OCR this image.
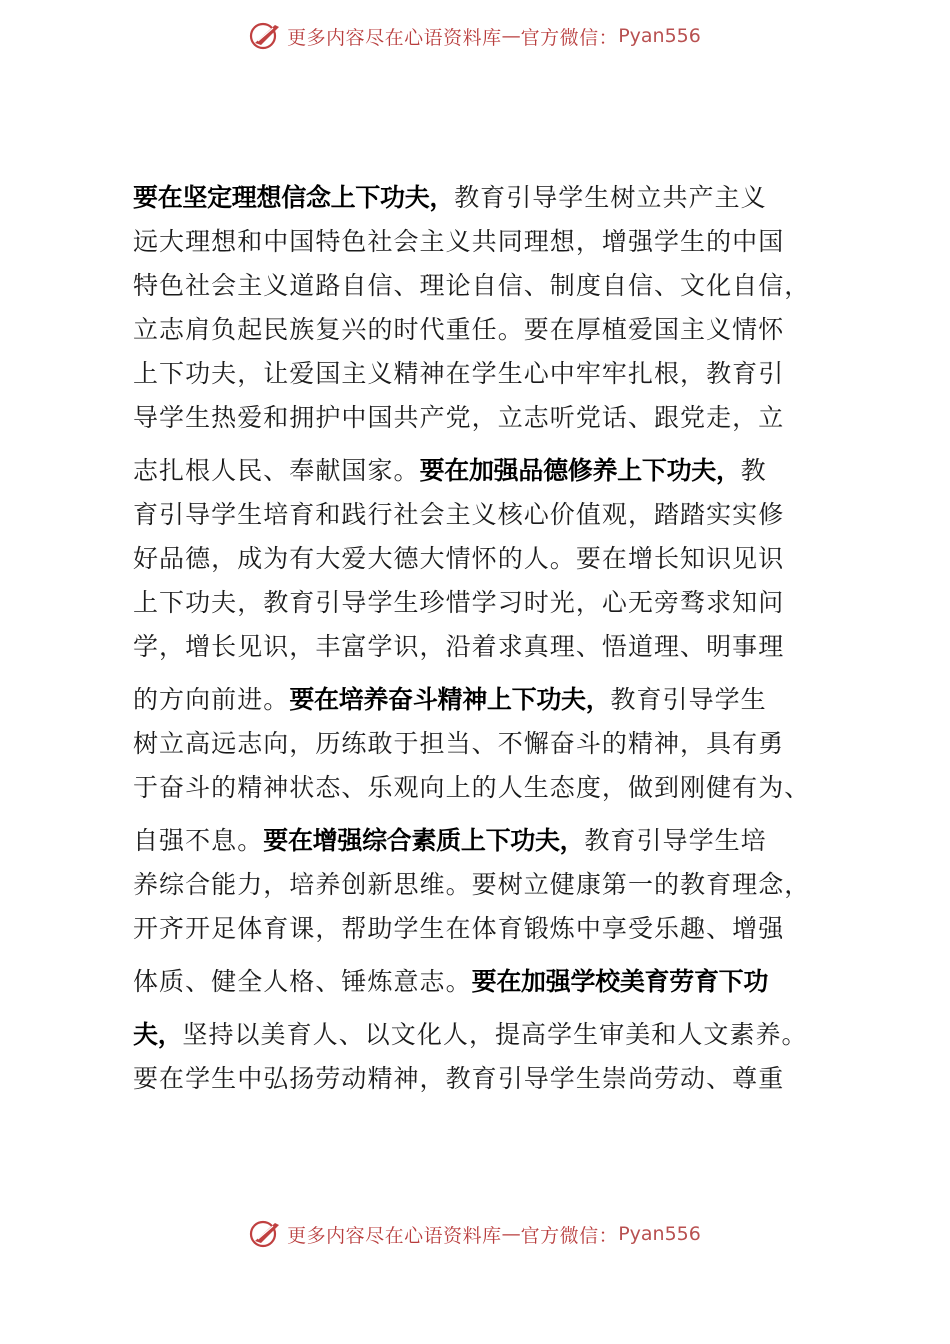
更多内容尽在心语资料库 — 官方微信： Pyan556
要在坚定理想信念上下功夫，教育引导学生树立共产主义
远大理想和中国特色社会主义共同理想，增强学生的中国
特色社会主义道路自信、理论自信、制度自信、文化自信，
立志肩负起民族复兴的时代重任。要在厚植爱国主义情怀
上下功夫，让爱国主义精神在学生心中牢牢扎根，教育引
导学生热爱和拥护中国共产党，立志听党话、跟党走，立
志扎根人民、奉献国家。要在加强品德修养上下功夫，教
育引导学生培育和践行社会主义核心价值观，踏踏实实修
好品德，成为有大爱大德大情怀的人。要在增长知识见识
上下功夫，教育引导学生珍惜学习时光，心无旁骛求知问
学，增长见识，丰富学识，沿着求真理、悟道理、明事理
的方向前进。要在培养奋斗精神上下功夫，教育引导学生
树立高远志向，历练敢于担当、不懈奋斗的精神，具有勇
于奋斗的精神状态、乐观向上的人生态度，做到刚健有为、
自强不息。要在增强综合素质上下功夫，教育引导学生培
养综合能力，培养创新思维。要树立健康第一的教育理念，
开齐开足体育课，帮助学生在体育锻炼中享受乐趣、增强
体质、健全人格、锤炼意志。要在加强学校美育劳育下功
夫，坚持以美育人、以文化人，提高学生审美和人文素养。
要在学生中弘扬劳动精神，教育引导学生崇尚劳动、尊重
更多内容尽在心语资料库 — 官方微信： Pyan556
